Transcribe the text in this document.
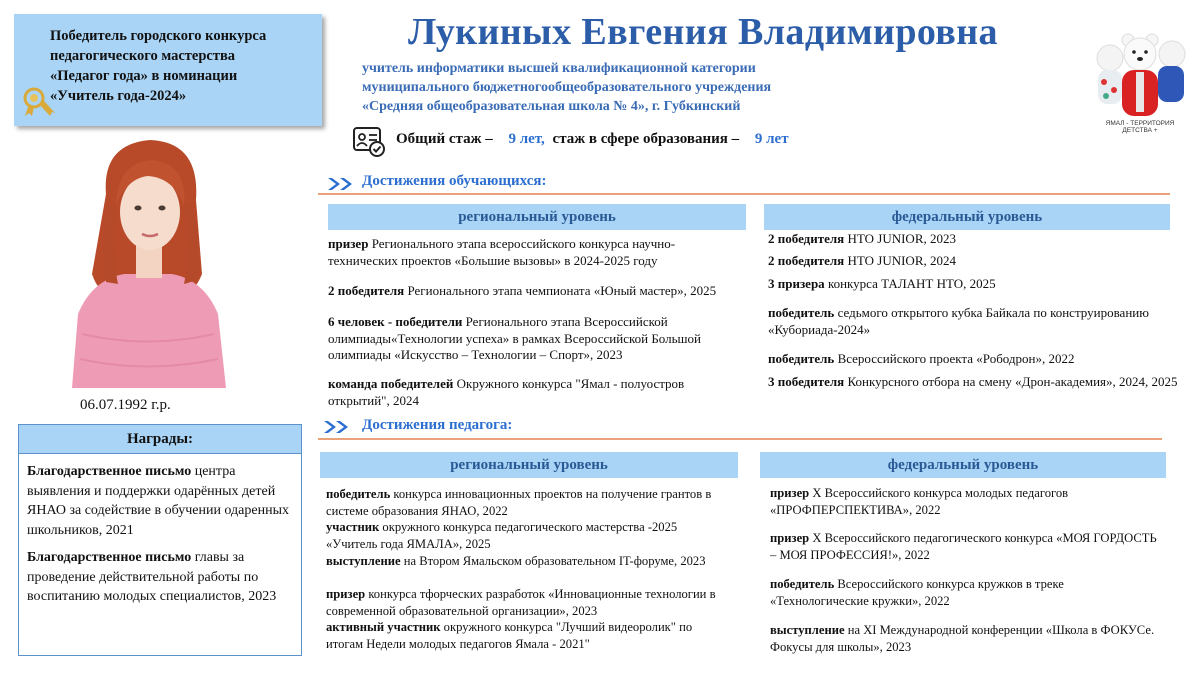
Победитель городского конкурса
педагогического мастерства
«Педагог года» в номинации
«Учитель года-2024»
Лукиных Евгения Владимировна
учитель информатики высшей квалификационной категории
муниципального бюджетногообщеобразовательного учреждения
«Средняя общеобразовательная школа № 4», г. Губкинский
ЯМАЛ - ТЕРРИТОРИЯ
ДЕТСТВА +
Общий стаж – 9 лет, стаж в сфере образования – 9 лет
06.07.1992 г.р.
Награды:

Благодарственное письмо центра выявления и поддержки одарённых детей ЯНАО за содействие в обучении одаренных школьников, 2021

Благодарственное письмо главы за проведение действительной работы по воспитанию молодых специалистов, 2023

Достижения обучающихся:
региональный уровень	федеральный уровень
призер Регионального этапа всероссийского конкурса научно-технических проектов «Большие вызовы» в 2024-2025 году
2 победителя Регионального этапа чемпионата «Юный мастер», 2025
6 человек - победители Регионального этапа Всероссийской олимпиады«Технологии успеха» в рамках Всероссийской Большой олимпиады «Искусство – Технологии – Спорт», 2023
команда победителей Окружного конкурса "Ямал - полуостров открытий", 2024
2 победителя НТО JUNIOR, 2023
2 победителя НТО JUNIOR, 2024
3 призера конкурса ТАЛАНТ НТО, 2025
победитель седьмого открытого кубка Байкала по конструированию «Кубориада-2024»
победитель Всероссийского проекта «Рободрон», 2022
3 победителя Конкурсного отбора на смену «Дрон-академия», 2024, 2025
Достижения педагога:
региональный уровень	федеральный уровень
победитель конкурса инновационных проектов на получение грантов в системе образования ЯНАО, 2022
участник окружного конкурса педагогического мастерства -2025 «Учитель года ЯМАЛА», 2025
выступление на Втором Ямальском образовательном IT-форуме, 2023
призер конкурса тфорческих разработок «Инновационные технологии в современной образовательной организации», 2023
активный участник окружного конкурса "Лучший видеоролик" по итогам Недели молодых педагогов Ямала - 2021"
призер X Всероссийского конкурса молодых педагогов «ПРОФПЕРСПЕКТИВА», 2022
призер X Всероссийского педагогического конкурса «МОЯ ГОРДОСТЬ – МОЯ ПРОФЕССИЯ!», 2022
победитель Всероссийского конкурса кружков в треке «Технологические кружки», 2022
выступление на XI Международной конференции «Школа в ФОКУСе. Фокусы для школы», 2023
